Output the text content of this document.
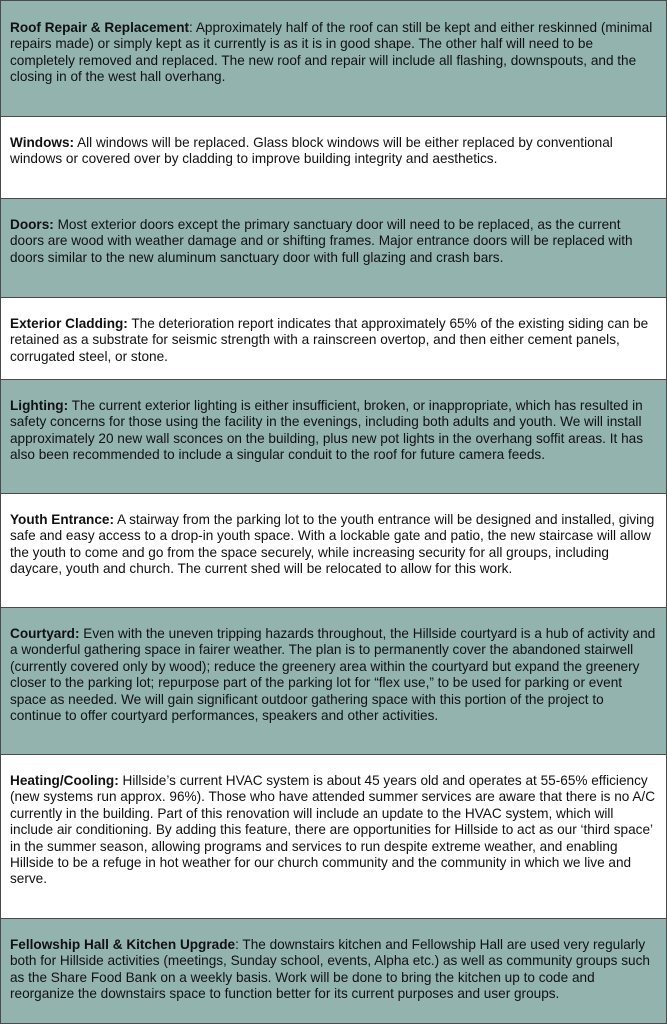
Roof Repair & Replacement: Approximately half of the roof can still be kept and either reskinned (minimal repairs made) or simply kept as it currently is as it is in good shape. The other half will need to be completely removed and replaced. The new roof and repair will include all flashing, downspouts, and the closing in of the west hall overhang.
Windows: All windows will be replaced. Glass block windows will be either replaced by conventional windows or covered over by cladding to improve building integrity and aesthetics.
Doors: Most exterior doors except the primary sanctuary door will need to be replaced, as the current doors are wood with weather damage and or shifting frames. Major entrance doors will be replaced with doors similar to the new aluminum sanctuary door with full glazing and crash bars.
Exterior Cladding: The deterioration report indicates that approximately 65% of the existing siding can be retained as a substrate for seismic strength with a rainscreen overtop, and then either cement panels, corrugated steel, or stone.
Lighting: The current exterior lighting is either insufficient, broken, or inappropriate, which has resulted in safety concerns for those using the facility in the evenings, including both adults and youth. We will install approximately 20 new wall sconces on the building, plus new pot lights in the overhang soffit areas. It has also been recommended to include a singular conduit to the roof for future camera feeds.
Youth Entrance: A stairway from the parking lot to the youth entrance will be designed and installed, giving safe and easy access to a drop-in youth space. With a lockable gate and patio, the new staircase will allow the youth to come and go from the space securely, while increasing security for all groups, including daycare, youth and church. The current shed will be relocated to allow for this work.
Courtyard: Even with the uneven tripping hazards throughout, the Hillside courtyard is a hub of activity and a wonderful gathering space in fairer weather. The plan is to permanently cover the abandoned stairwell (currently covered only by wood); reduce the greenery area within the courtyard but expand the greenery closer to the parking lot; repurpose part of the parking lot for “flex use,” to be used for parking or event space as needed. We will gain significant outdoor gathering space with this portion of the project to continue to offer courtyard performances, speakers and other activities.
Heating/Cooling: Hillside’s current HVAC system is about 45 years old and operates at 55-65% efficiency (new systems run approx. 96%). Those who have attended summer services are aware that there is no A/C currently in the building. Part of this renovation will include an update to the HVAC system, which will include air conditioning. By adding this feature, there are opportunities for Hillside to act as our ‘third space’ in the summer season, allowing programs and services to run despite extreme weather, and enabling Hillside to be a refuge in hot weather for our church community and the community in which we live and serve.
Fellowship Hall & Kitchen Upgrade: The downstairs kitchen and Fellowship Hall are used very regularly both for Hillside activities (meetings, Sunday school, events, Alpha etc.) as well as community groups such as the Share Food Bank on a weekly basis. Work will be done to bring the kitchen up to code and reorganize the downstairs space to function better for its current purposes and user groups.
